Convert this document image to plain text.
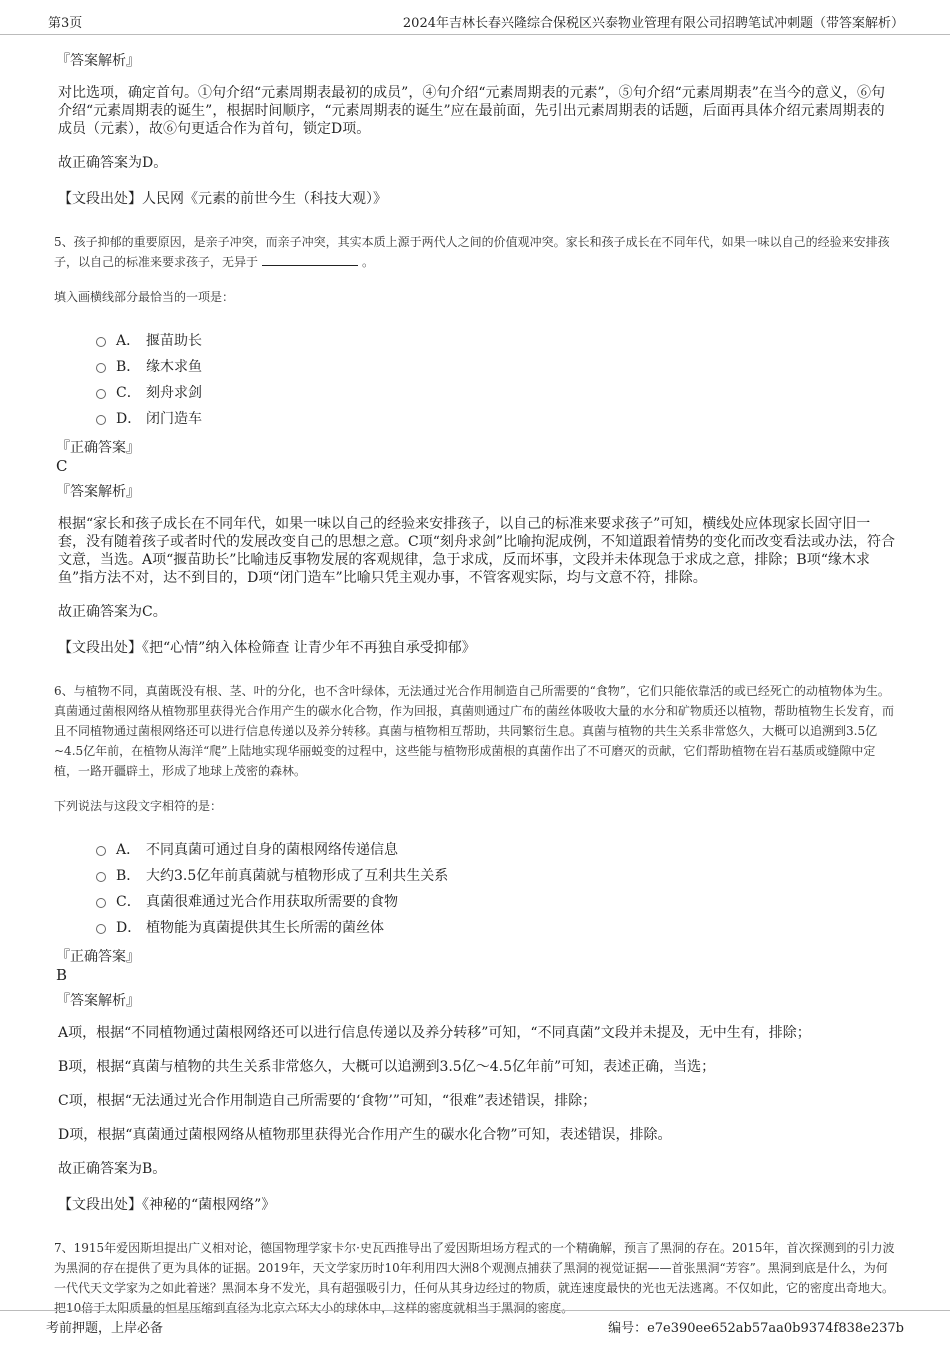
第3页	2024年吉林长春兴隆综合保税区兴泰物业管理有限公司招聘笔试冲刺题（带答案解析）
『答案解析』
对比选项，确定首句。①句介绍“元素周期表最初的成员”，④句介绍“元素周期表的元素”，⑤句介绍“元素周期表”在当今的意义，⑥句介绍“元素周期表的诞生”，根据时间顺序，“元素周期表的诞生”应在最前面，先引出元素周期表的话题，后面再具体介绍元素周期表的成员（元素），故⑥句更适合作为首句，锁定D项。
故正确答案为D。
【文段出处】人民网《元素的前世今生（科技大观）》
5、孩子抑郁的重要原因，是亲子冲突，而亲子冲突，其实本质上源于两代人之间的价值观冲突。家长和孩子成长在不同年代，如果一味以自己的经验来安排孩子，以自己的标准来要求孩子，无异于	。
填入画横线部分最恰当的一项是：
A． 揠苗助长
B． 缘木求鱼
C． 刻舟求剑
D． 闭门造车
『正确答案』
C
『答案解析』
根据“家长和孩子成长在不同年代，如果一味以自己的经验来安排孩子，以自己的标准来要求孩子”可知，横线处应体现家长固守旧一套，没有随着孩子或者时代的发展改变自己的思想之意。C项“刻舟求剑”比喻拘泥成例，不知道跟着情势的变化而改变看法或办法，符合文意，当选。A项“揠苗助长”比喻违反事物发展的客观规律，急于求成，反而坏事，文段并未体现急于求成之意，排除；B项“缘木求鱼”指方法不对，达不到目的，D项“闭门造车”比喻只凭主观办事，不管客观实际，均与文意不符，排除。
故正确答案为C。
【文段出处】《把“心情”纳入体检筛查 让青少年不再独自承受抑郁》
6、与植物不同，真菌既没有根、茎、叶的分化，也不含叶绿体，无法通过光合作用制造自己所需要的“食物”，它们只能依靠活的或已经死亡的动植物体为生。真菌通过菌根网络从植物那里获得光合作用产生的碳水化合物，作为回报，真菌则通过广布的菌丝体吸收大量的水分和矿物质还以植物，帮助植物生长发育，而且不同植物通过菌根网络还可以进行信息传递以及养分转移。真菌与植物相互帮助，共同繁衍生息。真菌与植物的共生关系非常悠久，大概可以追溯到3.5亿~4.5亿年前，在植物从海洋“爬”上陆地实现华丽蜕变的过程中，这些能与植物形成菌根的真菌作出了不可磨灭的贡献，它们帮助植物在岩石基质或缝隙中定植，一路开疆辟土，形成了地球上茂密的森林。
下列说法与这段文字相符的是：
A． 不同真菌可通过自身的菌根网络传递信息
B． 大约3.5亿年前真菌就与植物形成了互利共生关系
C． 真菌很难通过光合作用获取所需要的食物
D． 植物能为真菌提供其生长所需的菌丝体
『正确答案』
B
『答案解析』
A项，根据“不同植物通过菌根网络还可以进行信息传递以及养分转移”可知，“不同真菌”文段并未提及，无中生有，排除；
B项，根据“真菌与植物的共生关系非常悠久，大概可以追溯到3.5亿～4.5亿年前”可知，表述正确，当选；
C项，根据“无法通过光合作用制造自己所需要的‘食物’”可知，“很难”表述错误，排除；
D项，根据“真菌通过菌根网络从植物那里获得光合作用产生的碳水化合物”可知，表述错误，排除。
故正确答案为B。
【文段出处】《神秘的“菌根网络”》
7、1915年爱因斯坦提出广义相对论，德国物理学家卡尔·史瓦西推导出了爱因斯坦场方程式的一个精确解，预言了黑洞的存在。2015年，首次探测到的引力波为黑洞的存在提供了更为具体的证据。2019年，天文学家历时10年利用四大洲8个观测点捕获了黑洞的视觉证据——首张黑洞“芳容”。黑洞到底是什么，为何一代代天文学家为之如此着迷？黑洞本身不发光，具有超强吸引力，任何从其身边经过的物质，就连速度最快的光也无法逃离。不仅如此，它的密度出奇地大。把10倍于太阳质量的恒星压缩到直径为北京六环大小的球体中，这样的密度就相当于黑洞的密度。
考前押题，上岸必备	编号：e7e390ee652ab57aa0b9374f838e237b
